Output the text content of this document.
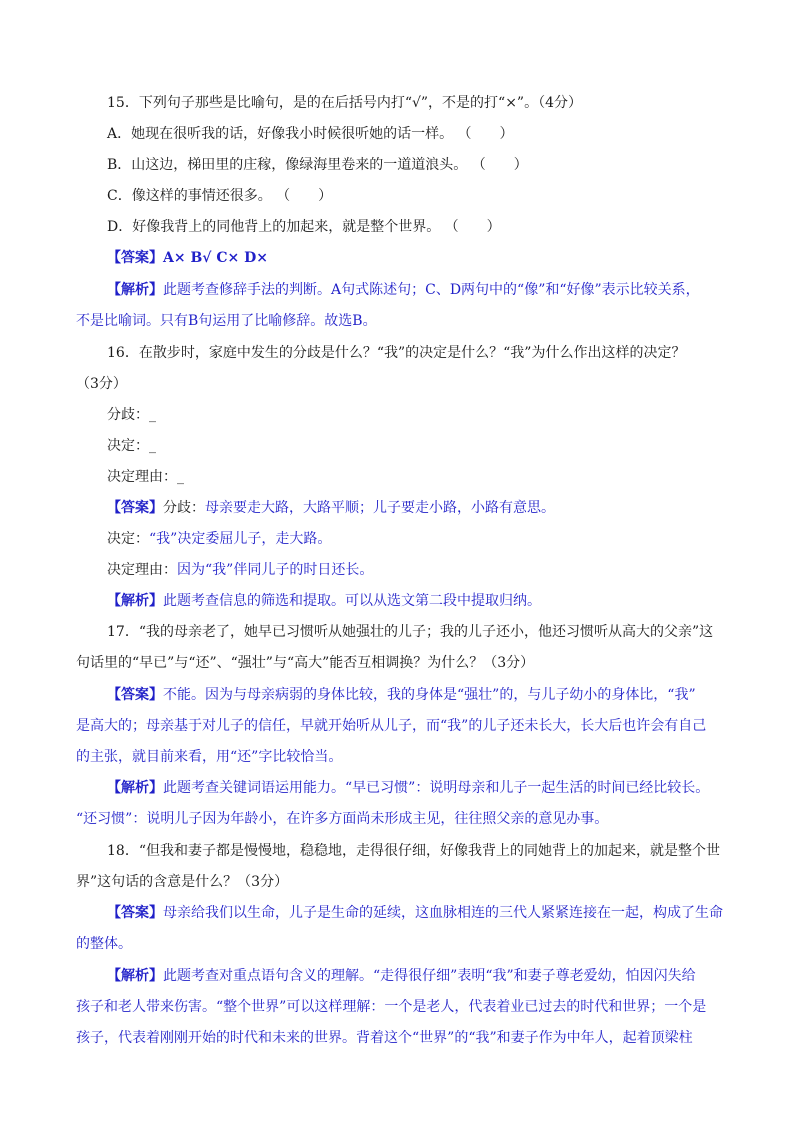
15．下列句子那些是比喻句，是的在后括号内打“√”，不是的打“×”。（4分）
A．她现在很听我的话，好像我小时候很听她的话一样。 （　　）
B．山这边，梯田里的庄稼，像绿海里卷来的一道道浪头。 （　　）
C．像这样的事情还很多。 （　　）
D．好像我背上的同他背上的加起来，就是整个世界。 （　　）
【答案】A× B√ C× D×
【解析】此题考查修辞手法的判断。A句式陈述句；C、D两句中的“像”和“好像”表示比较关系，
不是比喻词。只有B句运用了比喻修辞。故选B。
16．在散步时，家庭中发生的分歧是什么？“我”的决定是什么？“我”为什么作出这样的决定？
（3分）
分歧：_
决定：_
决定理由：_
【答案】分歧：母亲要走大路，大路平顺；儿子要走小路，小路有意思。
决定：“我”决定委屈儿子，走大路。
决定理由：因为“我”伴同儿子的时日还长。
【解析】此题考查信息的筛选和提取。可以从选文第二段中提取归纳。
17．“我的母亲老了，她早已习惯听从她强壮的儿子；我的儿子还小，他还习惯听从高大的父亲”这
句话里的“早已”与“还”、“强壮”与“高大”能否互相调换？为什么？（3分）
【答案】不能。因为与母亲病弱的身体比较，我的身体是“强壮”的，与儿子幼小的身体比，“我”
是高大的；母亲基于对儿子的信任，早就开始听从儿子，而“我”的儿子还未长大，长大后也许会有自己
的主张，就目前来看，用“还”字比较恰当。
【解析】此题考查关键词语运用能力。“早已习惯”：说明母亲和儿子一起生活的时间已经比较长。
“还习惯”：说明儿子因为年龄小，在许多方面尚未形成主见，往往照父亲的意见办事。
18．“但我和妻子都是慢慢地，稳稳地，走得很仔细，好像我背上的同她背上的加起来，就是整个世
界”这句话的含意是什么？（3分）
【答案】母亲给我们以生命，儿子是生命的延续，这血脉相连的三代人紧紧连接在一起，构成了生命
的整体。
【解析】此题考查对重点语句含义的理解。“走得很仔细”表明“我”和妻子尊老爱幼，怕因闪失给
孩子和老人带来伤害。“整个世界”可以这样理解：一个是老人，代表着业已过去的时代和世界；一个是
孩子，代表着刚刚开始的时代和未来的世界。背着这个“世界”的“我”和妻子作为中年人，起着顶梁柱
